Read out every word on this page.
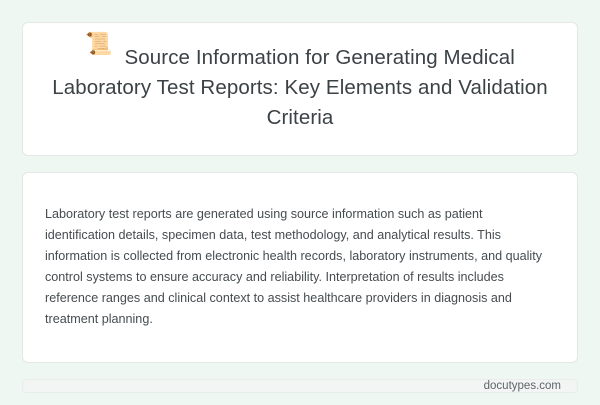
📜Source Information for Generating Medical Laboratory Test Reports: Key Elements and Validation Criteria

Laboratory test reports are generated using source information such as patient identification details, specimen data, test methodology, and analytical results. This information is collected from electronic health records, laboratory instruments, and quality control systems to ensure accuracy and reliability. Interpretation of results includes reference ranges and clinical context to assist healthcare providers in diagnosis and treatment planning.

docutypes.com
